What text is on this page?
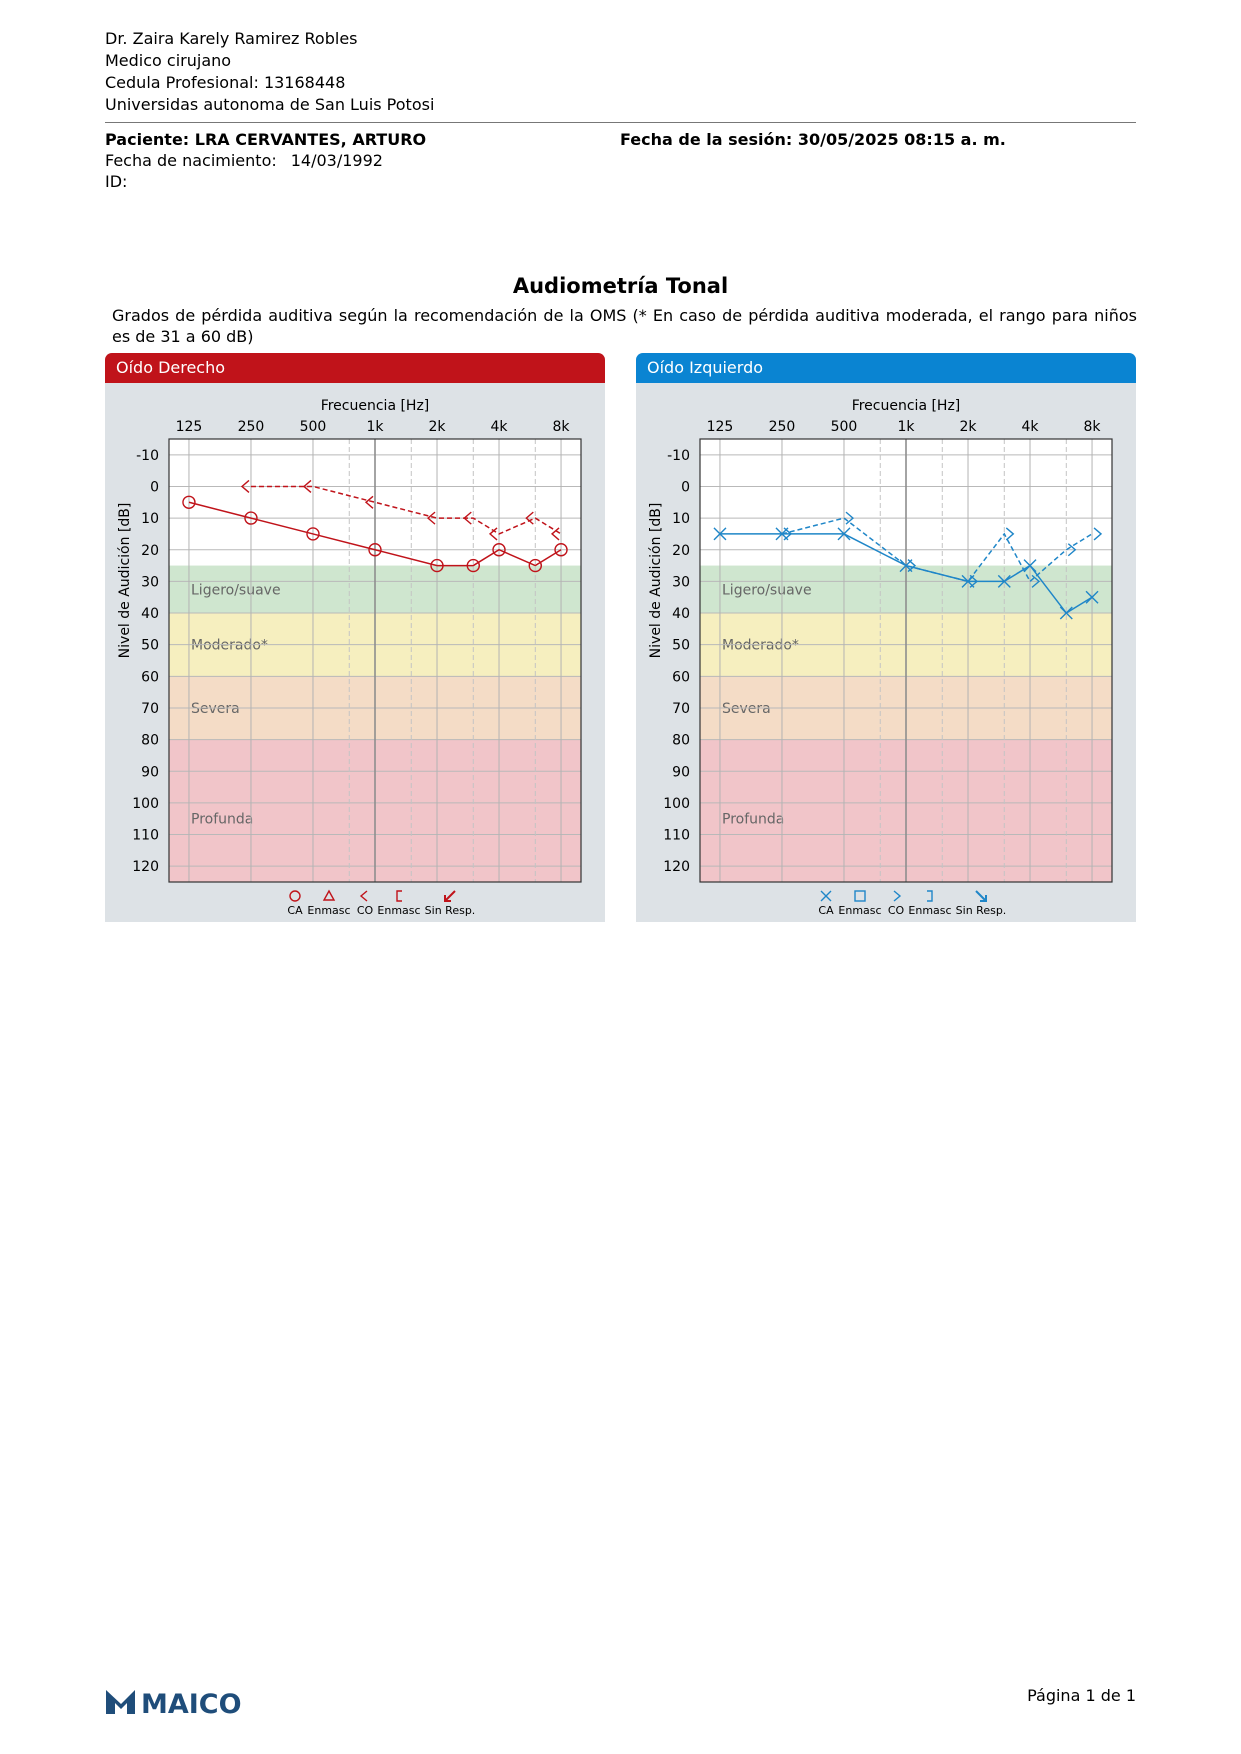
Dr. Zaira Karely Ramirez Robles
Medico cirujano
Cedula Profesional: 13168448
Universidas autonoma de San Luis Potosi
Paciente: LRA CERVANTES, ARTURO
Fecha de nacimiento: 14/03/1992
ID:
Fecha de la sesión: 30/05/2025 08:15 a. m.
Audiometría Tonal
Grados de pérdida auditiva según la recomendación de la OMS (* En caso de pérdida auditiva moderada, el rango para niños es de 31 a 60 dB)
Oído Derecho
Ligero/suave
Moderado*
Severa
Profunda
-10
0
10
20
30
40
50
60
70
80
90
100
110
120
125	250	500	1k	2k	4k	8k
Frecuencia [Hz]
Nivel de Audición [dB]
CA Enmasc CO Enmasc Sin Resp.
Oído Izquierdo
Ligero/suave
Moderado*
Severa
Profunda
-10
0
10
20
30
40
50
60
70
80
90
100
110
120
125	250	500	1k	2k	4k	8k
Frecuencia [Hz]
Nivel de Audición [dB]
CA Enmasc CO Enmasc Sin Resp.
MAICO	Página 1 de 1
